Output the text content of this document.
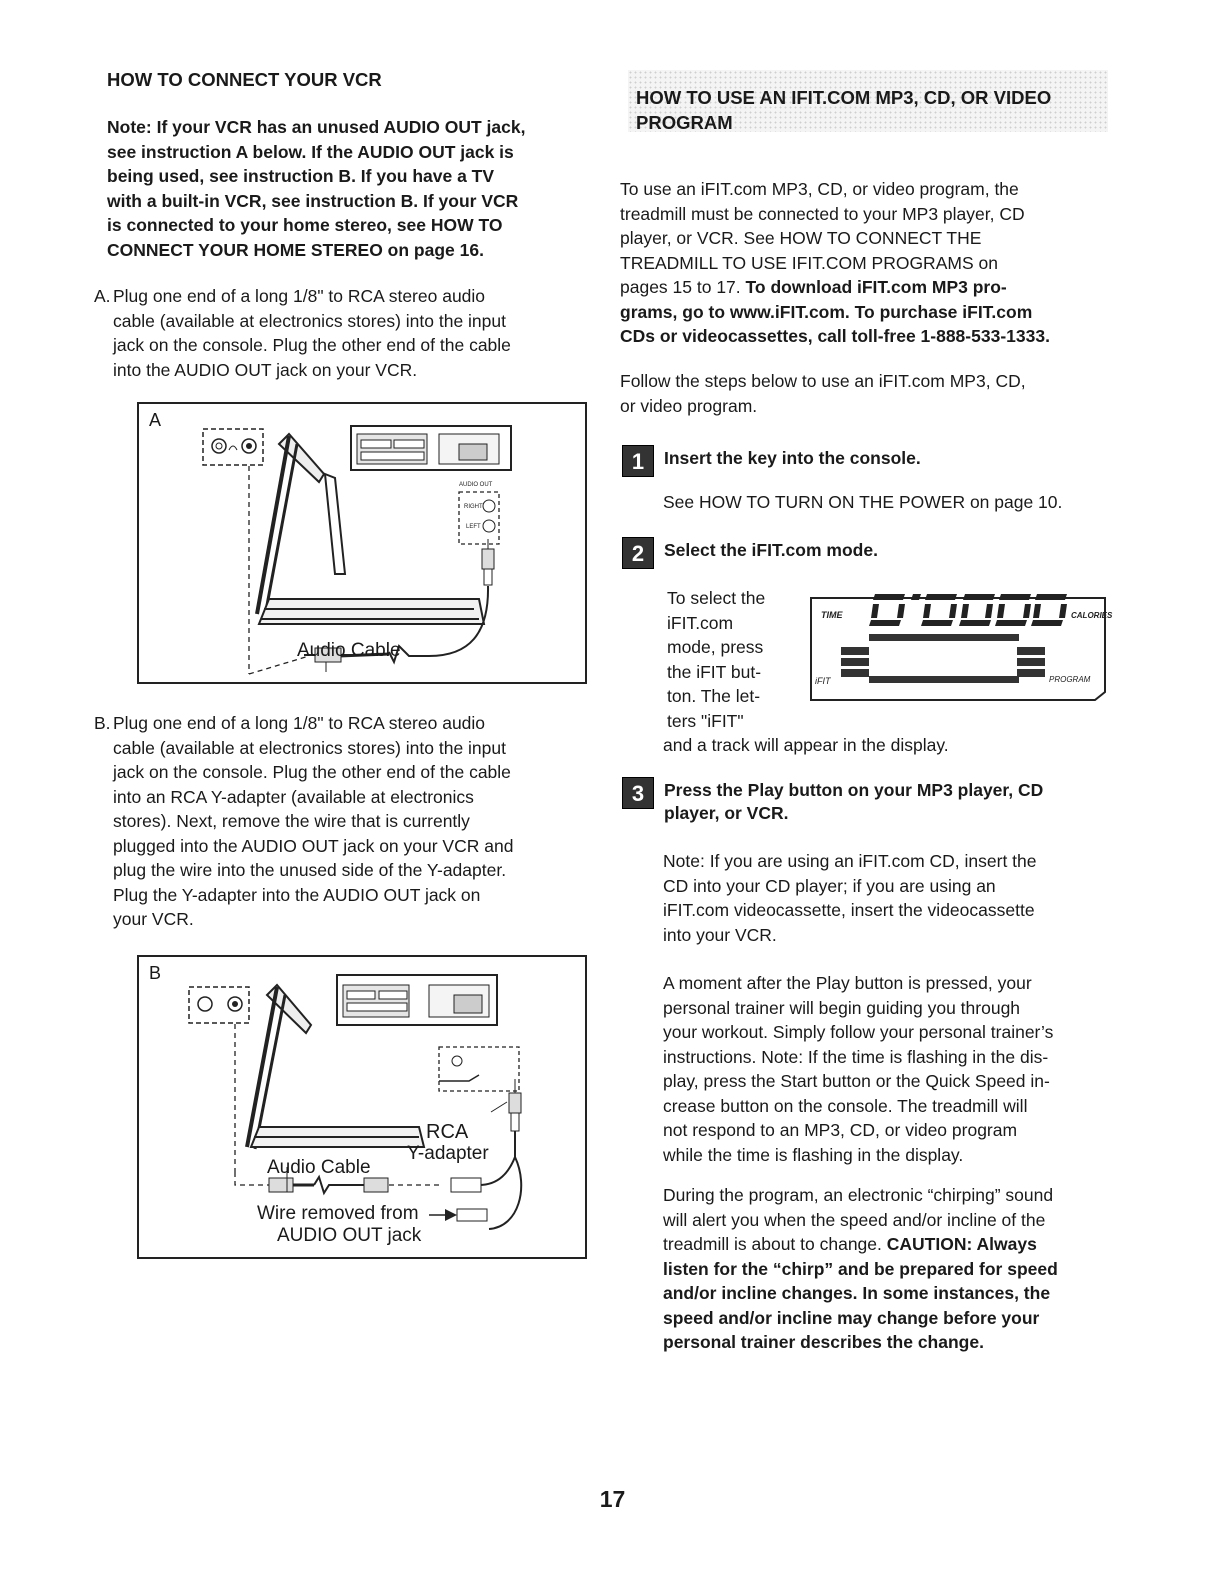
HOW TO CONNECT YOUR VCR
Note: If your VCR has an unused AUDIO OUT jack,
see instruction A below. If the AUDIO OUT jack is
being used, see instruction B. If you have a TV
with a built-in VCR, see instruction B. If your VCR
is connected to your home stereo, see HOW TO
CONNECT YOUR HOME STEREO on page 16.
A. Plug one end of a long 1/8" to RCA stereo audio
cable (available at electronics stores) into the input
jack on the console. Plug the other end of the cable
into the AUDIO OUT jack on your VCR.
B. Plug one end of a long 1/8" to RCA stereo audio
cable (available at electronics stores) into the input
jack on the console. Plug the other end of the cable
into an RCA Y-adapter (available at electronics
stores). Next, remove the wire that is currently
plugged into the AUDIO OUT jack on your VCR and
plug the wire into the unused side of the Y-adapter.
Plug the Y-adapter into the AUDIO OUT jack on
your VCR.
A
AUDIO OUT
RIGHT
LEFT
Audio Cable
B
RCA
Y-adapter
Audio Cable
Wire removed from
AUDIO OUT jack
HOW TO USE AN IFIT.COM MP3, CD, OR VIDEO
PROGRAM
To use an iFIT.com MP3, CD, or video program, the
treadmill must be connected to your MP3 player, CD
player, or VCR. See HOW TO CONNECT THE
TREADMILL TO USE IFIT.COM PROGRAMS on
pages 15 to 17. To download iFIT.com MP3 pro-
grams, go to www.iFIT.com. To purchase iFIT.com
CDs or videocassettes, call toll-free 1-888-533-1333.
Follow the steps below to use an iFIT.com MP3, CD,
or video program.
1	Insert the key into the console.
See HOW TO TURN ON THE POWER on page 10.
2	Select the iFIT.com mode.
To select the
iFIT.com
mode, press
the iFIT but-
ton. The let-
ters "iFIT"
and a track will appear in the display.
TIME	CALORIES
iFIT	PROGRAM
3	Press the Play button on your MP3 player, CD
player, or VCR.
Note: If you are using an iFIT.com CD, insert the
CD into your CD player; if you are using an
iFIT.com videocassette, insert the videocassette
into your VCR.
A moment after the Play button is pressed, your
personal trainer will begin guiding you through
your workout. Simply follow your personal trainer’s
instructions. Note: If the time is flashing in the dis-
play, press the Start button or the Quick Speed in-
crease button on the console. The treadmill will
not respond to an MP3, CD, or video program
while the time is flashing in the display.
During the program, an electronic “chirping” sound
will alert you when the speed and/or incline of the
treadmill is about to change. CAUTION: Always
listen for the “chirp” and be prepared for speed
and/or incline changes. In some instances, the
speed and/or incline may change before your
personal trainer describes the change.
17
